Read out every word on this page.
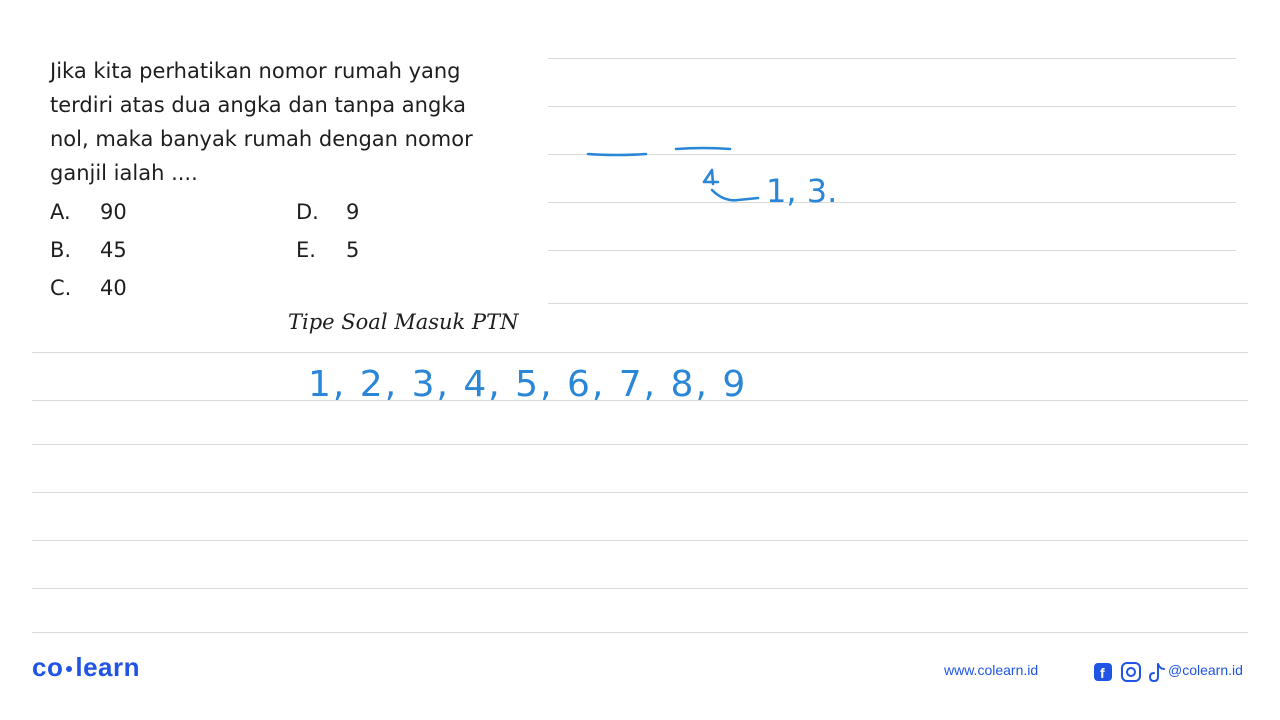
Jika kita perhatikan nomor rumah yang

terdiri atas dua angka dan tanpa angka

nol, maka banyak rumah dengan nomor

ganjil ialah ....

A. 90
B. 45
C. 40
D. 9
E. 5
Tipe Soal Masuk PTN
1, 3.
1, 2, 3, 4, 5, 6, 7, 8, 9
co learn	www.colearn.id	f	@colearn.id
